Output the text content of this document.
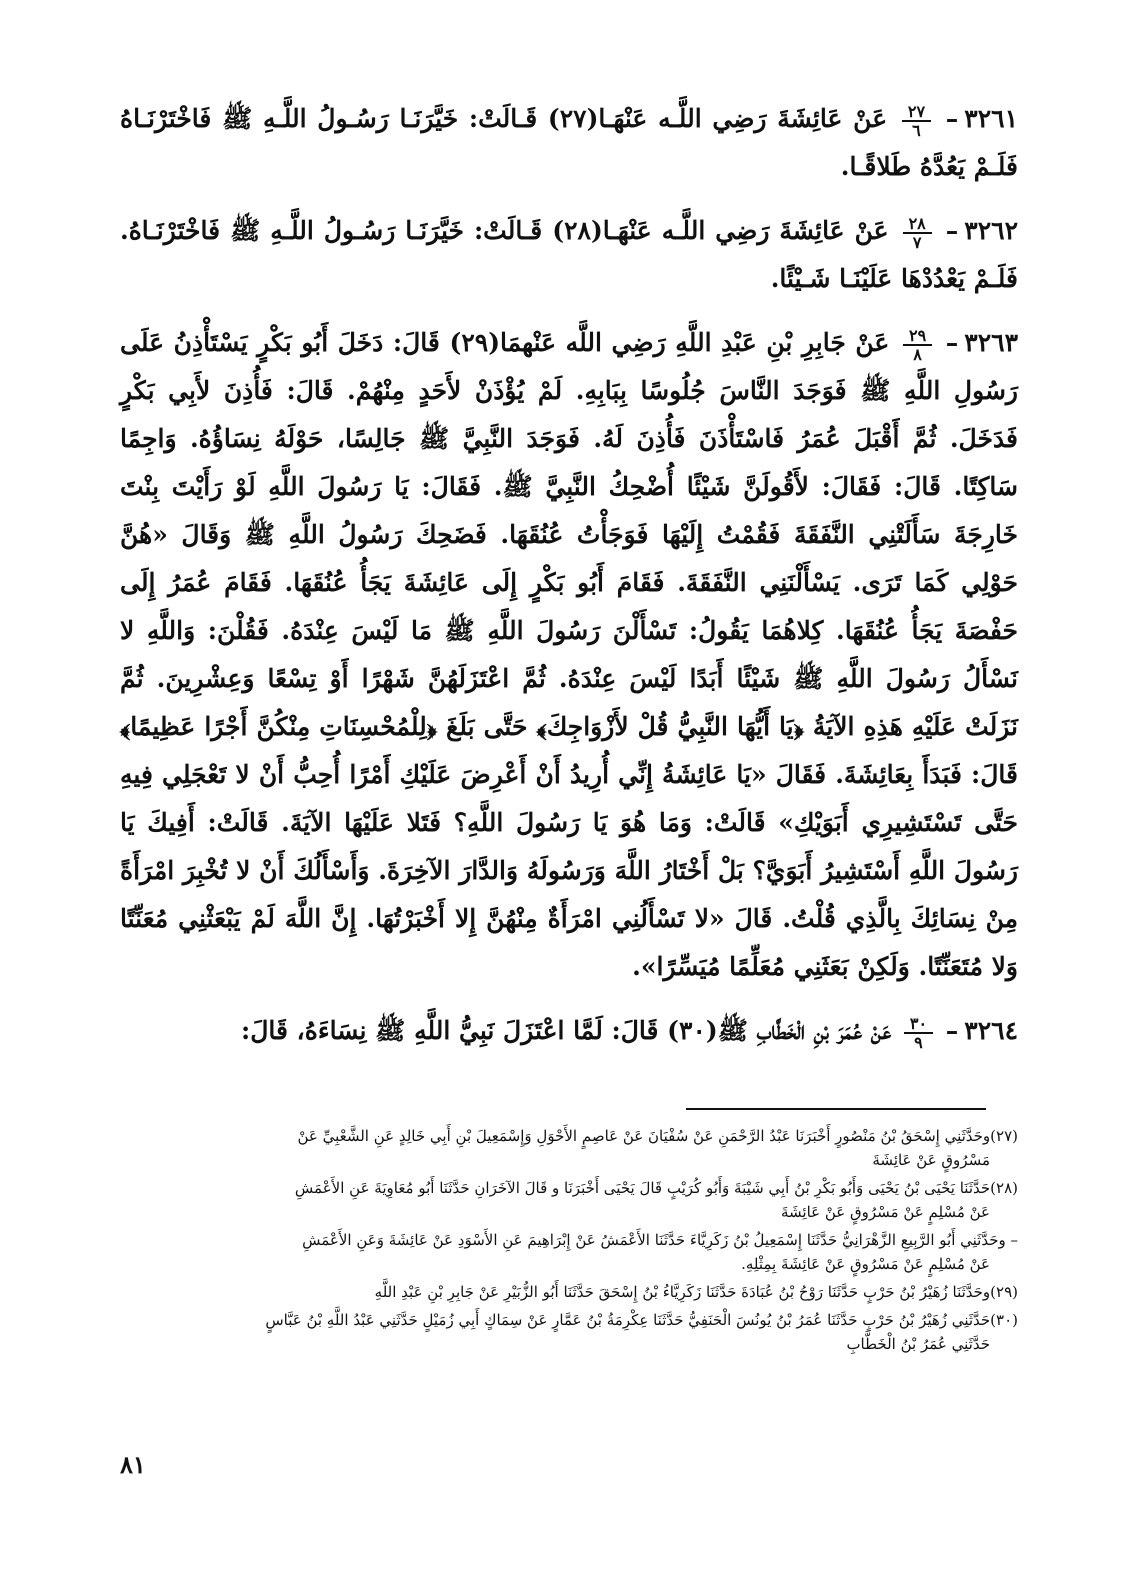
٣٢٦١–
$\frac{٢٧}{٦}$
عَنْ عَائِشَةَ رَضِي اللَّـه عَنْهَـا(٢٧) قَـالَتْ: خَيَّرَنَـا رَسُـولُ اللَّـهِ ﷺ فَاخْتَرْنَـاهُ فَلَـمْ يَعُدَّهُ طَلاقًـا.

٣٢٦٢–
$\frac{٢٨}{٧}$
عَنْ عَائِشَةَ رَضِي اللَّـه عَنْهَـا(٢٨) قَـالَتْ: خَيَّرَنَـا رَسُـولُ اللَّـهِ ﷺ فَاخْتَرْنَـاهُ. فَلَـمْ يَعْدُدْهَا عَلَيْنَـا شَـيْئًا.

٣٢٦٣–
$\frac{٢٩}{٨}$
عَنْ جَابِرِ بْنِ عَبْدِ اللَّهِ رَضِي اللَّه عَنْهمَا(٢٩) قَالَ: دَخَلَ أَبُو بَكْرٍ يَسْتَأْذِنُ عَلَى رَسُولِ اللَّهِ ﷺ فَوَجَدَ النَّاسَ جُلُوسًا بِبَابِهِ. لَمْ يُؤْذَنْ لأَحَدٍ مِنْهُمْ. قَالَ: فَأُذِنَ لأَبِي بَكْرٍ فَدَخَلَ. ثُمَّ أَقْبَلَ عُمَرُ فَاسْتَأْذَنَ فَأُذِنَ لَهُ. فَوَجَدَ النَّبِيَّ ﷺ جَالِسًا، حَوْلَهُ نِسَاؤُهُ. وَاجِمًا سَاكِتًا. قَالَ: فَقَالَ: لأَقُولَنَّ شَيْئًا أُضْحِكُ النَّبِيَّ ﷺ. فَقَالَ: يَا رَسُولَ اللَّهِ لَوْ رَأَيْتَ بِنْتَ خَارِجَةَ سَأَلَتْنِي النَّفَقَةَ فَقُمْتُ إِلَيْهَا فَوَجَأْتُ عُنُقَهَا. فَضَحِكَ رَسُولُ اللَّهِ ﷺ وَقَالَ «هُنَّ حَوْلِي كَمَا تَرَى. يَسْأَلْنَنِي النَّفَقَةَ. فَقَامَ أَبُو بَكْرٍ إِلَى عَائِشَةَ يَجَأُ عُنُقَهَا. فَقَامَ عُمَرُ إِلَى حَفْصَةَ يَجَأُ عُنُقَهَا. كِلاهُمَا يَقُولُ: تَسْأَلْنَ رَسُولَ اللَّهِ ﷺ مَا لَيْسَ عِنْدَهُ. فَقُلْنَ: وَاللَّهِ لا نَسْأَلُ رَسُولَ اللَّهِ ﷺ شَيْئًا أَبَدًا لَيْسَ عِنْدَهُ. ثُمَّ اعْتَزَلَهُنَّ شَهْرًا أَوْ تِسْعًا وَعِشْرِينَ. ثُمَّ نَزَلَتْ عَلَيْهِ هَذِهِ الآيَةُ ﴿يَا أَيُّهَا النَّبِيُّ قُلْ لأَزْوَاجِكَ﴾ حَتَّى بَلَغَ ﴿لِلْمُحْسِنَاتِ مِنْكُنَّ أَجْرًا عَظِيمًا﴾ قَالَ: فَبَدَأَ بِعَائِشَةَ. فَقَالَ «يَا عَائِشَةُ إِنِّي أُرِيدُ أَنْ أَعْرِضَ عَلَيْكِ أَمْرًا أُحِبُّ أَنْ لا تَعْجَلِي فِيهِ حَتَّى تَسْتَشِيرِي أَبَوَيْكِ» قَالَتْ: وَمَا هُوَ يَا رَسُولَ اللَّهِ؟ فَتَلا عَلَيْهَا الآيَةَ. قَالَتْ: أَفِيكَ يَا رَسُولَ اللَّهِ أَسْتَشِيرُ أَبَوَيَّ؟ بَلْ أَخْتَارُ اللَّهَ وَرَسُولَهُ وَالدَّارَ الآخِرَةَ. وَأَسْأَلُكَ أَنْ لا تُخْبِرَ امْرَأَةً مِنْ نِسَائِكَ بِالَّذِي قُلْتُ. قَالَ «لا تَسْأَلُنِي امْرَأَةٌ مِنْهُنَّ إِلا أَخْبَرْتُهَا. إِنَّ اللَّهَ لَمْ يَبْعَثْنِي مُعَنِّتًا وَلا مُتَعَنِّتًا. وَلَكِنْ بَعَثَنِي مُعَلِّمًا مُيَسِّرًا».

٣٢٦٤–
$\frac{٣٠}{٩}$
عَنْ عُمَرَ بْنِ الْخَطَّابِ ﷺ(٣٠) قَالَ: لَمَّا اعْتَزَلَ نَبِيُّ اللَّهِ ﷺ نِسَاءَهُ، قَالَ:

(٢٧)وحَدَّثَنِي إِسْحَقُ بْنُ مَنْصُورٍ أَخْبَرَنَا عَبْدُ الرَّحْمَنِ عَنْ سُفْيَانَ عَنْ عَاصِمٍ الأَحْوَلِ وَإِسْمَعِيلَ بْنِ أَبِي خَالِدٍ عَنِ الشَّعْبِيِّ عَنْ
مَسْرُوقٍ عَنْ عَائِشَةَ

(٢٨)حَدَّثَنَا يَحْيَى بْنُ يَحْيَى وَأَبُو بَكْرِ بْنُ أَبِي شَيْبَةَ وَأَبُو كُرَيْبٍ قَالَ يَحْيَى أَخْبَرَنَا و قَالَ الآخَرَانِ حَدَّثَنَا أَبُو مُعَاوِيَةَ عَنِ الأَعْمَشِ
عَنْ مُسْلِمٍ عَنْ مَسْرُوقٍ عَنْ عَائِشَةَ

– وحَدَّثَنِي أَبُو الرَّبِيعِ الزَّهْرَانِيُّ حَدَّثَنَا إِسْمَعِيلُ بْنُ زَكَرِيَّاءَ حَدَّثَنَا الأَعْمَشُ عَنْ إِبْرَاهِيمَ عَنِ الأَسْوَدِ عَنْ عَائِشَةَ وَعَنِ الأَعْمَشِ
عَنْ مُسْلِمٍ عَنْ مَسْرُوقٍ عَنْ عَائِشَةَ بِمِثْلِهِ.

(٢٩)وحَدَّثَنَا زُهَيْرُ بْنُ حَرْبٍ حَدَّثَنَا رَوْحُ بْنُ عُبَادَةَ حَدَّثَنَا زَكَرِيَّاءُ بْنُ إِسْحَقَ حَدَّثَنَا أَبُو الزُّبَيْرِ عَنْ جَابِرِ بْنِ عَبْدِ اللَّهِ

(٣٠)حَدَّثَنِي زُهَيْرُ بْنُ حَرْبٍ حَدَّثَنَا عُمَرُ بْنُ يُونُسَ الْحَنَفِيُّ حَدَّثَنَا عِكْرِمَةُ بْنُ عَمَّارٍ عَنْ سِمَاكٍ أَبِي زُمَيْلٍ حَدَّثَنِي عَبْدُ اللَّهِ بْنُ عَبَّاسٍ
حَدَّثَنِي عُمَرُ بْنُ الْخَطَّابِ

٨١
